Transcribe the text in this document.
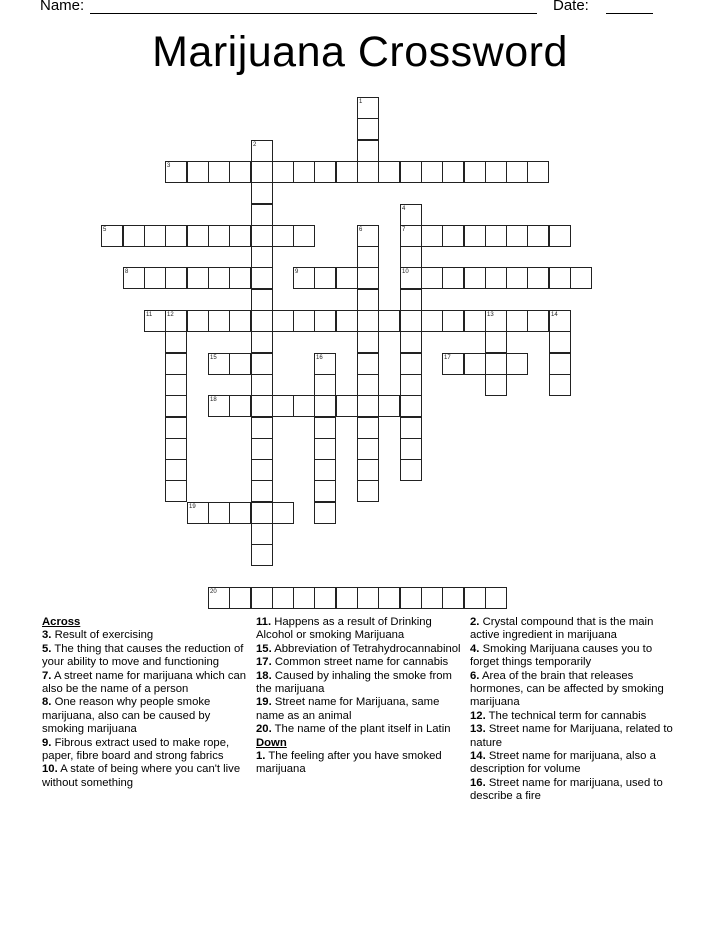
Name:	Date:
Marijuana Crossword
3
5	7
8	9	10
11
15	17
18
19
20
1
2
4
6
12	13	14
16
Across
3. Result of exercising
5. The thing that causes the reduction of your ability to move and functioning
7. A street name for marijuana which can also be the name of a person
8. One reason why people smoke marijuana, also can be caused by smoking marijuana
9. Fibrous extract used to make rope, paper, fibre board and strong fabrics
10. A state of being where you can't live without something
11. Happens as a result of Drinking Alcohol or smoking Marijuana
15. Abbreviation of Tetrahydrocannabinol
17. Common street name for cannabis
18. Caused by inhaling the smoke from the marijuana
19. Street name for Marijuana, same name as an animal
20. The name of the plant itself in Latin
Down
1. The feeling after you have smoked marijuana
2. Crystal compound that is the main active ingredient in marijuana
4. Smoking Marijuana causes you to forget things temporarily
6. Area of the brain that releases hormones, can be affected by smoking marijuana
12. The technical term for cannabis
13. Street name for Marijuana, related to nature
14. Street name for marijuana, also a description for volume
16. Street name for marijuana, used to describe a fire
